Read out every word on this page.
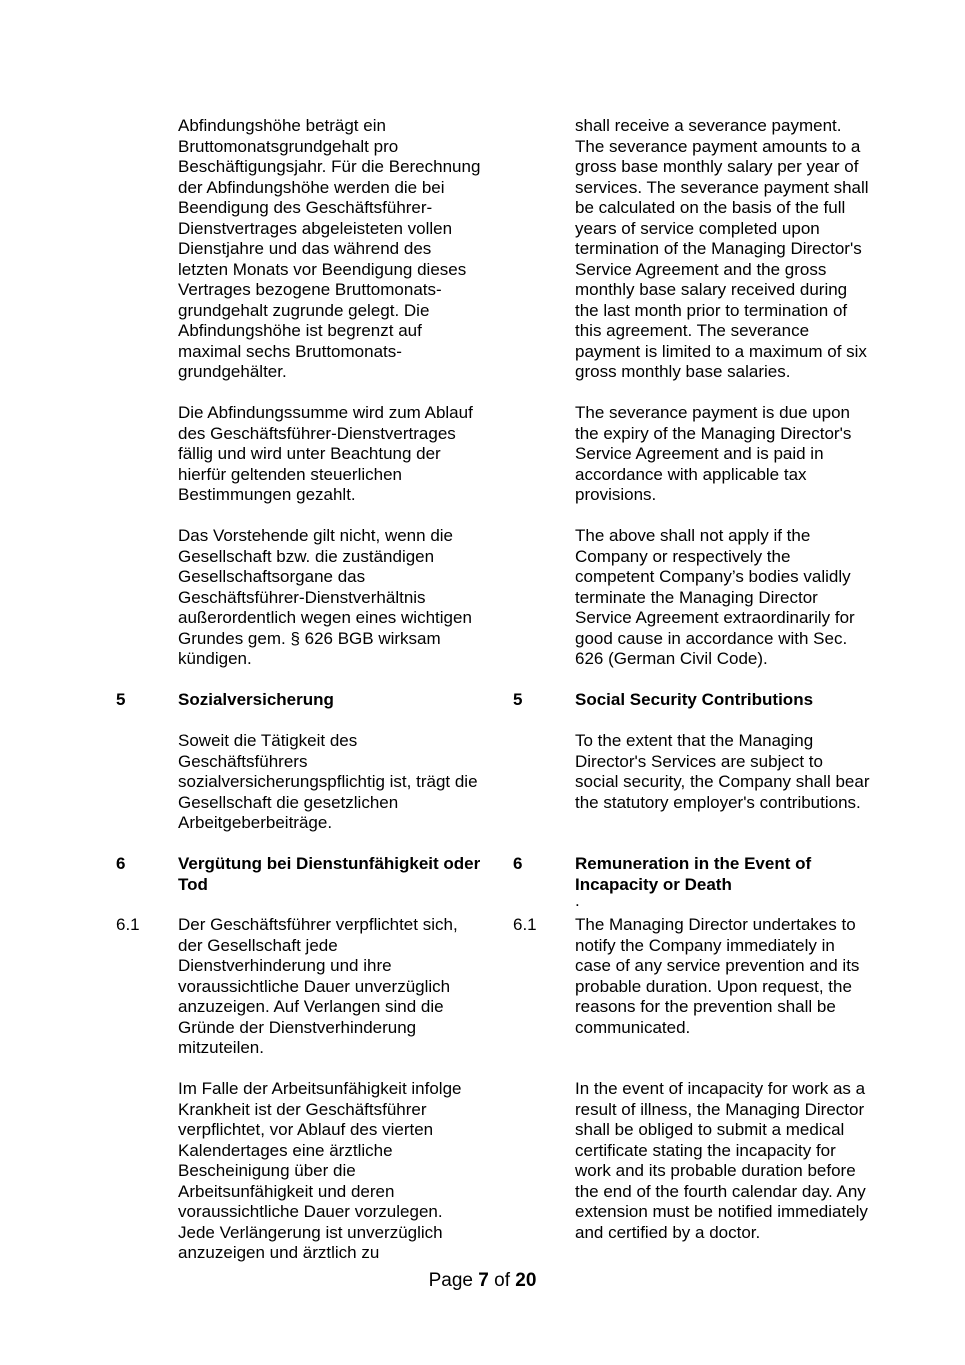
Abfindungshöhe beträgt ein
Bruttomonatsgrundgehalt pro
Beschäftigungsjahr. Für die Berechnung
der Abfindungshöhe werden die bei
Beendigung des Geschäftsführer-
Dienstvertrages abgeleisteten vollen
Dienstjahre und das während des
letzten Monats vor Beendigung dieses
Vertrages bezogene Bruttomonats-
grundgehalt zugrunde gelegt. Die
Abfindungshöhe ist begrenzt auf
maximal sechs Bruttomonats-
grundgehälter.

shall receive a severance payment.
The severance payment amounts to a
gross base monthly salary per year of
services. The severance payment shall
be calculated on the basis of the full
years of service completed upon
termination of the Managing Director's
Service Agreement and the gross
monthly base salary received during
the last month prior to termination of
this agreement. The severance
payment is limited to a maximum of six
gross monthly base salaries.

Die Abfindungssumme wird zum Ablauf
des Geschäftsführer-Dienstvertrages
fällig und wird unter Beachtung der
hierfür geltenden steuerlichen
Bestimmungen gezahlt.

The severance payment is due upon
the expiry of the Managing Director's
Service Agreement and is paid in
accordance with applicable tax
provisions.

Das Vorstehende gilt nicht, wenn die
Gesellschaft bzw. die zuständigen
Gesellschaftsorgane das
Geschäftsführer-Dienstverhältnis
außerordentlich wegen eines wichtigen
Grundes gem. § 626 BGB wirksam
kündigen.

The above shall not apply if the
Company or respectively the
competent Company’s bodies validly
terminate the Managing Director
Service Agreement extraordinarily for
good cause in accordance with Sec.
626 (German Civil Code).

5	Sozialversicherung	5	Social Security Contributions

Soweit die Tätigkeit des
Geschäftsführers
sozialversicherungspflichtig ist, trägt die
Gesellschaft die gesetzlichen
Arbeitgeberbeiträge.

To the extent that the Managing
Director's Services are subject to
social security, the Company shall bear
the statutory employer's contributions.

6	Vergütung bei Dienstunfähigkeit oder
Tod

6	Remuneration in the Event of
Incapacity or Death

.

6.1 Der Geschäftsführer verpflichtet sich,
der Gesellschaft jede
Dienstverhinderung und ihre
voraussichtliche Dauer unverzüglich
anzuzeigen. Auf Verlangen sind die
Gründe der Dienstverhinderung
mitzuteilen.

6.1 The Managing Director undertakes to
notify the Company immediately in
case of any service prevention and its
probable duration. Upon request, the
reasons for the prevention shall be
communicated.

Im Falle der Arbeitsunfähigkeit infolge
Krankheit ist der Geschäftsführer
verpflichtet, vor Ablauf des vierten
Kalendertages eine ärztliche
Bescheinigung über die
Arbeitsunfähigkeit und deren
voraussichtliche Dauer vorzulegen.
Jede Verlängerung ist unverzüglich
anzuzeigen und ärztlich zu

In the event of incapacity for work as a
result of illness, the Managing Director
shall be obliged to submit a medical
certificate stating the incapacity for
work and its probable duration before
the end of the fourth calendar day. Any
extension must be notified immediately
and certified by a doctor.

Page 7 of 20
